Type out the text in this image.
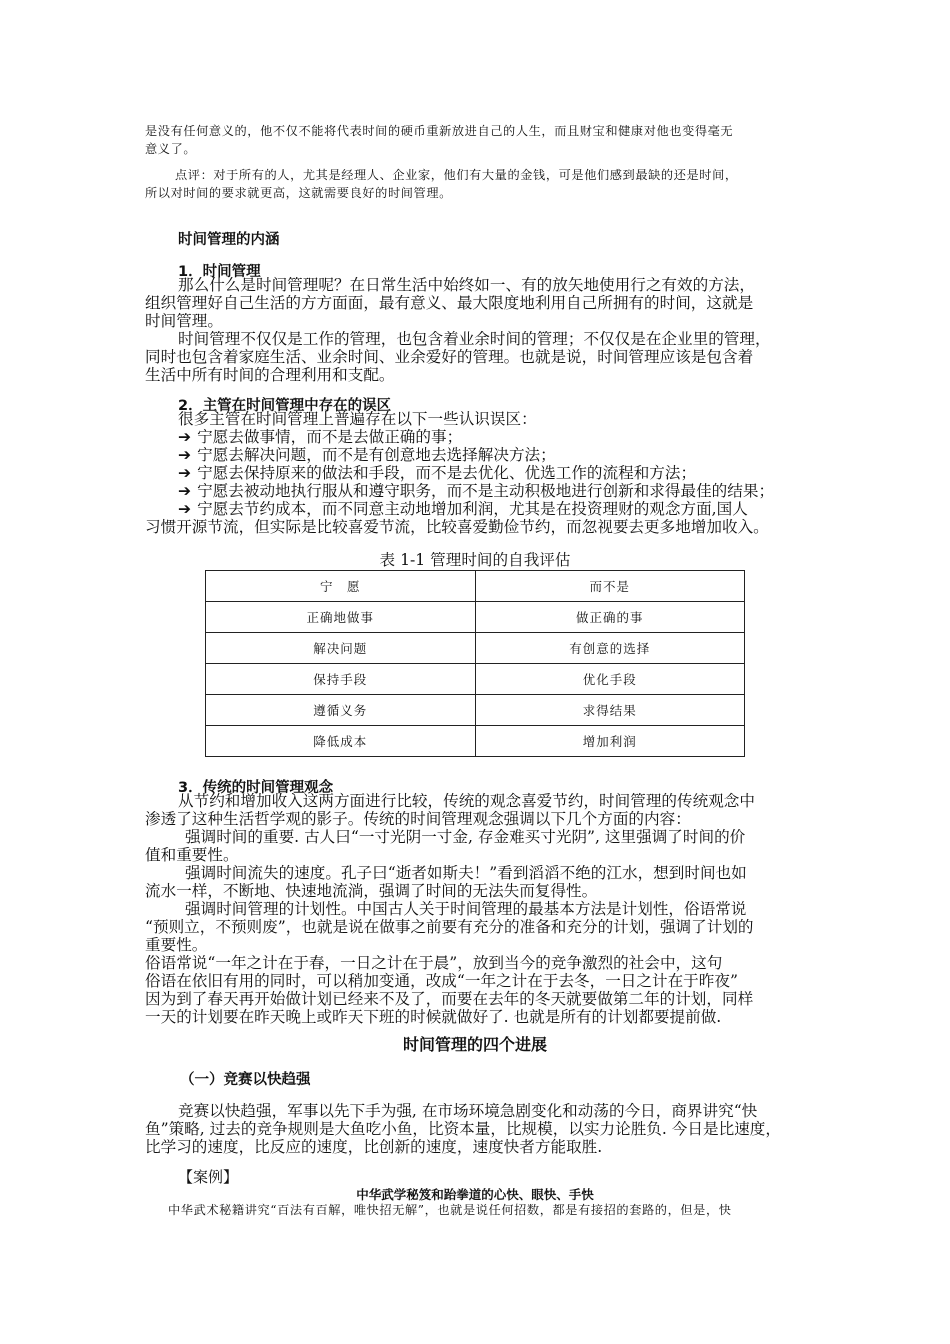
是没有任何意义的，他不仅不能将代表时间的硬币重新放进自己的人生，而且财宝和健康对他也变得毫无
意义了。
点评：对于所有的人，尤其是经理人、企业家，他们有大量的金钱，可是他们感到最缺的还是时间，
所以对时间的要求就更高，这就需要良好的时间管理。
时间管理的内涵
1．时间管理
那么什么是时间管理呢？在日常生活中始终如一、有的放矢地使用行之有效的方法，
组织管理好自己生活的方方面面，最有意义、最大限度地利用自己所拥有的时间，这就是
时间管理。
时间管理不仅仅是工作的管理，也包含着业余时间的管理；不仅仅是在企业里的管理，
同时也包含着家庭生活、业余时间、业余爱好的管理。也就是说，时间管理应该是包含着
生活中所有时间的合理利用和支配。
2．主管在时间管理中存在的误区
很多主管在时间管理上普遍存在以下一些认识误区：
➔ 宁愿去做事情，而不是去做正确的事；
➔ 宁愿去解决问题，而不是有创意地去选择解决方法；
➔ 宁愿去保持原来的做法和手段，而不是去优化、优选工作的流程和方法；
➔ 宁愿去被动地执行服从和遵守职务，而不是主动积极地进行创新和求得最佳的结果；
➔ 宁愿去节约成本，而不同意主动地增加利润，尤其是在投资理财的观念方面,国人
习惯开源节流，但实际是比较喜爱节流，比较喜爱勤俭节约，而忽视要去更多地增加收入。
表 1-1 管理时间的自我评估
宁　愿	而不是
正确地做事	做正确的事
解决问题	有创意的选择
保持手段	优化手段
遵循义务	求得结果
降低成本	增加利润
3．传统的时间管理观念
从节约和增加收入这两方面进行比较，传统的观念喜爱节约，时间管理的传统观念中
渗透了这种生活哲学观的影子。传统的时间管理观念强调以下几个方面的内容：
强调时间的重要. 古人曰“一寸光阴一寸金, 存金难买寸光阴”, 这里强调了时间的价
值和重要性。
强调时间流失的速度。孔子曰“逝者如斯夫！”看到滔滔不绝的江水，想到时间也如
流水一样，不断地、快速地流淌，强调了时间的无法失而复得性。
强调时间管理的计划性。中国古人关于时间管理的最基本方法是计划性，俗语常说
“预则立，不预则废”，也就是说在做事之前要有充分的准备和充分的计划，强调了计划的
重要性。
俗语常说“一年之计在于春，一日之计在于晨”，放到当今的竞争激烈的社会中，这句
俗语在依旧有用的同时，可以稍加变通，改成“一年之计在于去冬，一日之计在于昨夜”
因为到了春天再开始做计划已经来不及了，而要在去年的冬天就要做第二年的计划，同样
一天的计划要在昨天晚上或昨天下班的时候就做好了. 也就是所有的计划都要提前做.
时间管理的四个进展
（一）竞赛以快趋强
竞赛以快趋强，军事以先下手为强, 在市场环境急剧变化和动荡的今日，商界讲究“快
鱼”策略, 过去的竞争规则是大鱼吃小鱼，比资本量，比规模，以实力论胜负. 今日是比速度，
比学习的速度，比反应的速度，比创新的速度，速度快者方能取胜.
【案例】
中华武学秘笈和跆拳道的心快、眼快、手快
中华武术秘籍讲究“百法有百解，唯快招无解”，也就是说任何招数，都是有接招的套路的，但是，快
